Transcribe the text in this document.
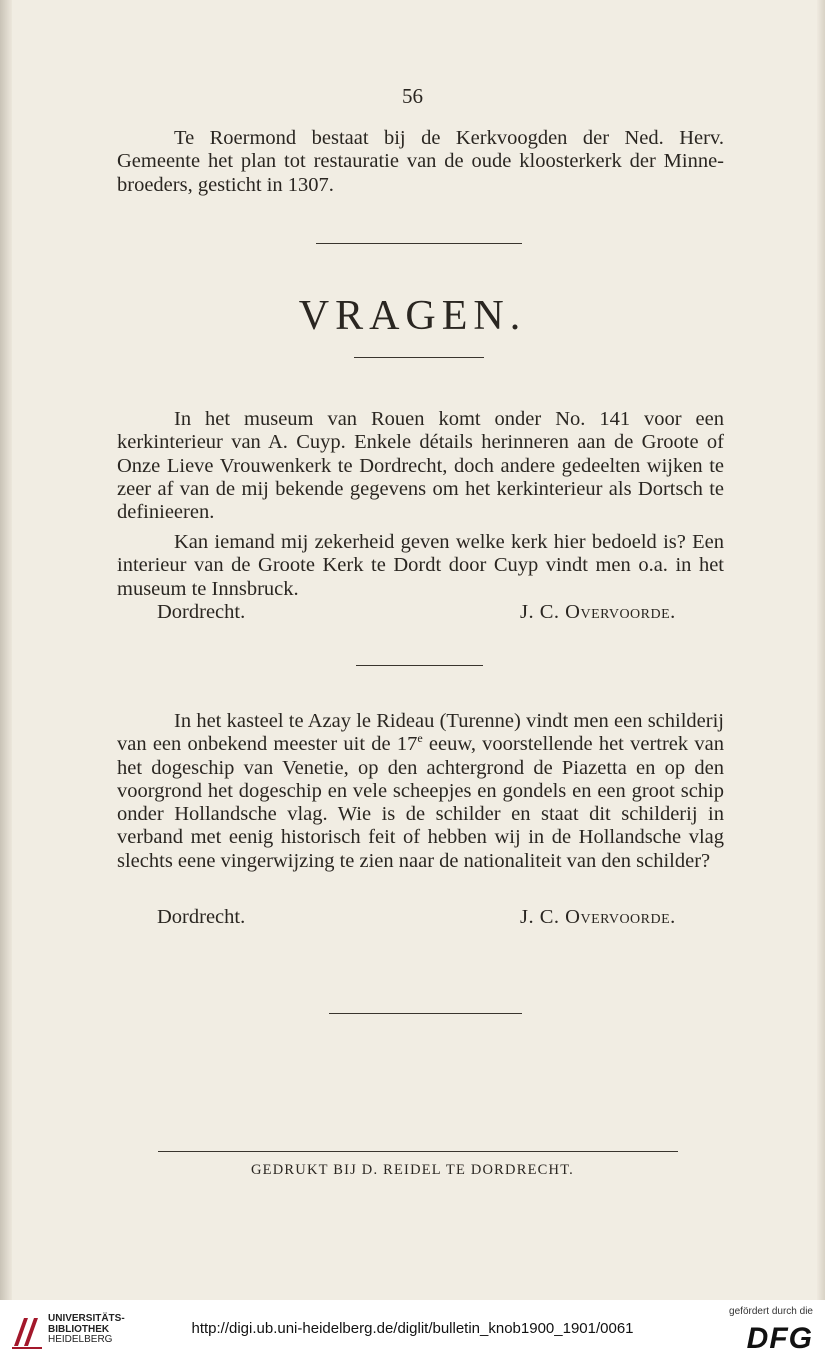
56
Te Roermond bestaat bij de Kerkvoogden der Ned. Herv. Gemeente het plan tot restauratie van de oude kloosterkerk der Minne-broeders, gesticht in 1307.
VRAGEN.
In het museum van Rouen komt onder No. 141 voor een kerkinterieur van A. Cuyp. Enkele détails herinneren aan de Groote of Onze Lieve Vrouwenkerk te Dordrecht, doch andere gedeelten wijken te zeer af van de mij bekende gegevens om het kerkinterieur als Dortsch te definieeren.
Kan iemand mij zekerheid geven welke kerk hier bedoeld is? Een interieur van de Groote Kerk te Dordt door Cuyp vindt men o.a. in het museum te Innsbruck.
Dordrecht.	J. C. Overvoorde.
In het kasteel te Azay le Rideau (Turenne) vindt men een schilderij van een onbekend meester uit de 17e eeuw, voorstellende het vertrek van het dogeschip van Venetie, op den achtergrond de Piazetta en op den voorgrond het dogeschip en vele scheepjes en gondels en een groot schip onder Hollandsche vlag. Wie is de schilder en staat dit schilderij in verband met eenig historisch feit of hebben wij in de Hollandsche vlag slechts eene vingerwijzing te zien naar de nationaliteit van den schilder?
Dordrecht.	J. C. Overvoorde.
GEDRUKT BIJ D. REIDEL TE DORDRECHT.
UNIVERSITÄTS-
BIBLIOTHEK
HEIDELBERG
http://digi.ub.uni-heidelberg.de/diglit/bulletin_knob1900_1901/0061
gefördert durch die
DFG
